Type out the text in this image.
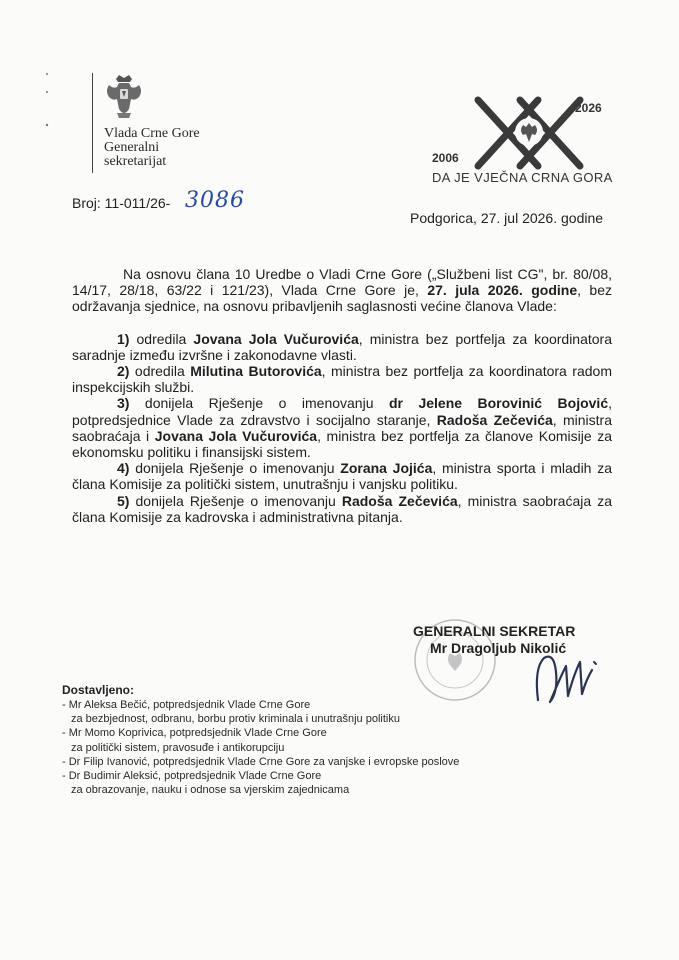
Vlada Crne Gore
Generalni
sekretarijat	2006
2026
DA JE VJEČNA CRNA GORA
Broj: 11-011/26- 3086
Podgorica, 27. jul 2026. godine

Na osnovu člana 10 Uredbe o Vladi Crne Gore („Službeni list CG", br. 80/08, 14/17, 28/18, 63/22 i 121/23), Vlada Crne Gore je, 27. jula 2026. godine, bez održavanja sjednice, na osnovu pribavljenih saglasnosti većine članova Vlade:

1) odredila Jovana Jola Vučurovića, ministra bez portfelja za koordinatora saradnje između izvršne i zakonodavne vlasti.

2) odredila Milutina Butorovića, ministra bez portfelja za koordinatora radom inspekcijskih službi.

3) donijela Rješenje o imenovanju dr Jelene Borovinić Bojović, potpredsjednice Vlade za zdravstvo i socijalno staranje, Radoša Zečevića, ministra saobraćaja i Jovana Jola Vučurovića, ministra bez portfelja za članove Komisije za ekonomsku politiku i finansijski sistem.

4) donijela Rješenje o imenovanju Zorana Jojića, ministra sporta i mladih za člana Komisije za politički sistem, unutrašnju i vanjsku politiku.

5) donijela Rješenje o imenovanju Radoša Zečevića, ministra saobraćaja za člana Komisije za kadrovska i administrativna pitanja.

GENERALNI SEKRETAR
Mr Dragoljub Nikolić
Dostavljeno:
- Mr Aleksa Bečić, potpredsjednik Vlade Crne Gore
za bezbjednost, odbranu, borbu protiv kriminala i unutrašnju politiku
- Mr Momo Koprivica, potpredsjednik Vlade Crne Gore
za politički sistem, pravosuđe i antikorupciju
- Dr Filip Ivanović, potpredsjednik Vlade Crne Gore za vanjske i evropske poslove
- Dr Budimir Aleksić, potpredsjednik Vlade Crne Gore
za obrazovanje, nauku i odnose sa vjerskim zajednicama
